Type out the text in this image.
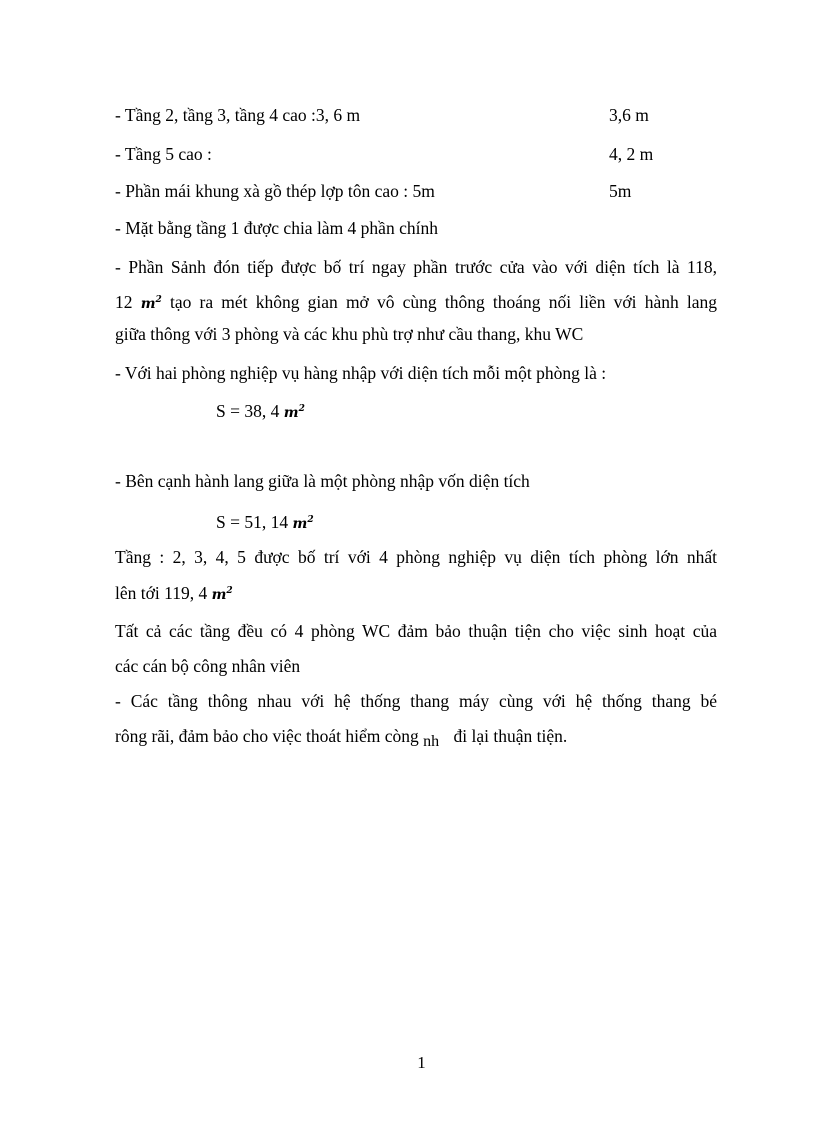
- Tầng 2, tầng 3, tầng 4 cao :3, 6 m	3,6 m
- Tầng 5 cao :	4, 2 m
- Phần mái khung xà gồ thép lợp tôn cao : 5m	5m
- Mặt bằng tầng 1 được chia làm 4 phần chính
- Phần Sảnh đón tiếp được bố trí ngay phần trước cửa vào với diện tích là 118,
12 $m^2$ tạo ra mét không gian mở vô cùng thông thoáng nối liền với hành lang
giữa thông với 3 phòng và các khu phù trợ như cầu thang, khu WC
- Với hai phòng nghiệp vụ hàng nhập với diện tích mỗi một phòng là :
S = 38, 4 $m^2$
- Bên cạnh hành lang giữa là một phòng nhập vốn diện tích
S = 51, 14 $m^2$
Tầng : 2, 3, 4, 5 được bố trí với 4 phòng nghiệp vụ diện tích phòng lớn nhất
lên tới 119, 4 $m^2$
Tất cả các tầng đều có 4 phòng WC đảm bảo thuận tiện cho việc sinh hoạt của
các cán bộ công nhân viên
- Các tầng thông nhau với hệ thống thang máy cùng với hệ thống thang bé
rông rãi, đảm bảo cho việc thoát hiểm còng nh đi lại thuận tiện.
1
